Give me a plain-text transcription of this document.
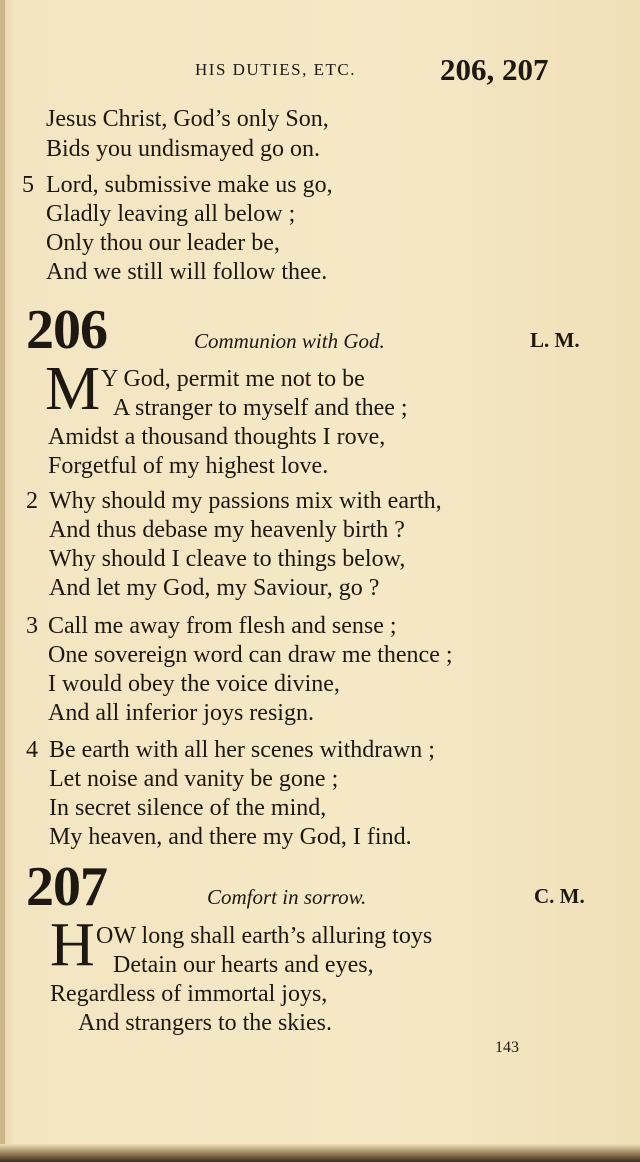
HIS DUTIES, ETC.	206, 207
Jesus Christ, God’s only Son,
Bids you undismayed go on.
5 Lord, submissive make us go,
Gladly leaving all below ;
Only thou our leader be,
And we still will follow thee.
206	Communion with God.	L. M.
M Y God, permit me not to be
A stranger to myself and thee ;
Amidst a thousand thoughts I rove,
Forgetful of my highest love.
2 Why should my passions mix with earth,
And thus debase my heavenly birth ?
Why should I cleave to things below,
And let my God, my Saviour, go ?
3 Call me away from flesh and sense ;
One sovereign word can draw me thence ;
I would obey the voice divine,
And all inferior joys resign.
4 Be earth with all her scenes withdrawn ;
Let noise and vanity be gone ;
In secret silence of the mind,
My heaven, and there my God, I find.
207	Comfort in sorrow.	C. M.
H OW long shall earth’s alluring toys
Detain our hearts and eyes,
Regardless of immortal joys,
And strangers to the skies.
143
